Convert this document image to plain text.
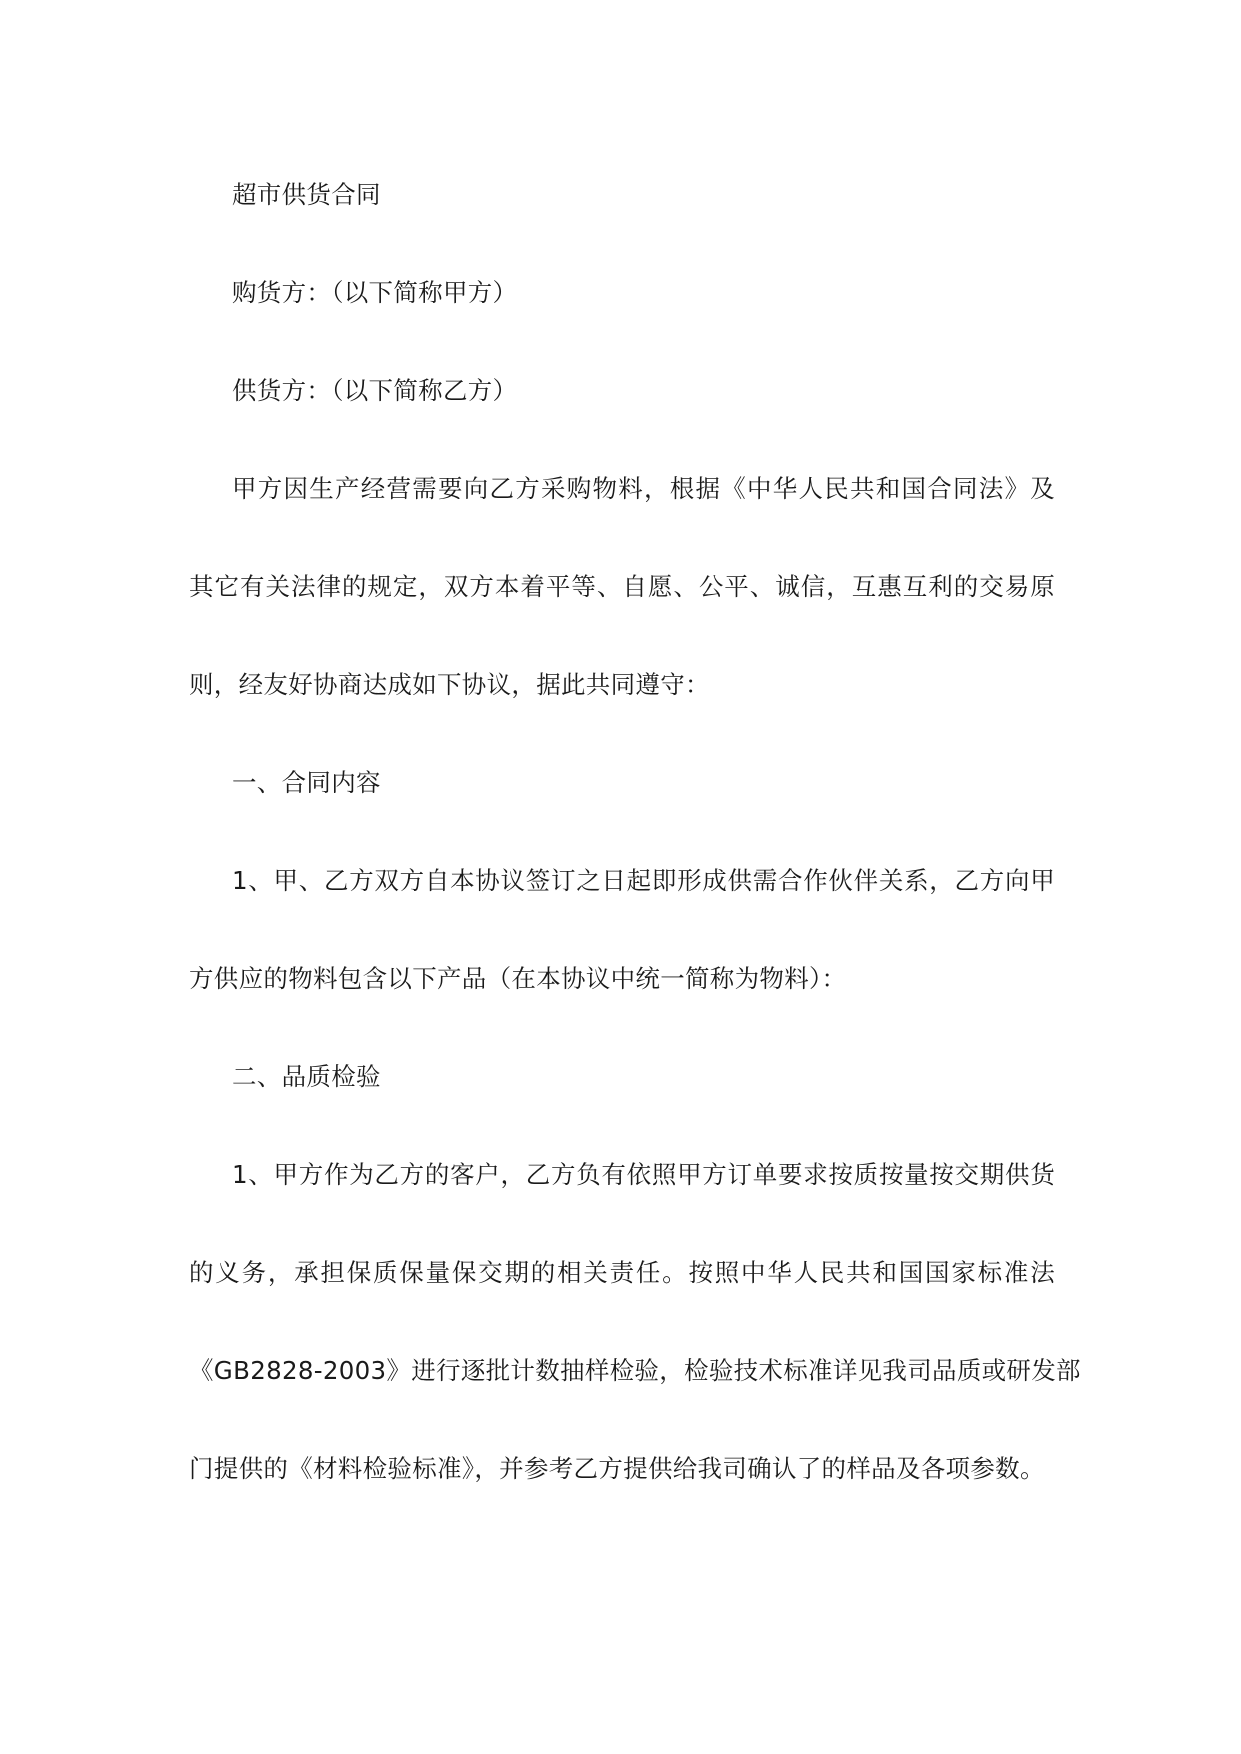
超市供货合同

购货方：（以下简称甲方）

供货方：（以下简称乙方）

甲方因生产经营需要向乙方采购物料，根据《中华人民共和国合同法》及
其它有关法律的规定，双方本着平等、自愿、公平、诚信，互惠互利的交易原
则，经友好协商达成如下协议，据此共同遵守：

一、合同内容

1、甲、乙方双方自本协议签订之日起即形成供需合作伙伴关系，乙方向甲
方供应的物料包含以下产品（在本协议中统一简称为物料）：

二、品质检验

1、甲方作为乙方的客户，乙方负有依照甲方订单要求按质按量按交期供货
的义务，承担保质保量保交期的相关责任。按照中华人民共和国国家标准法
《GB2828-2003》进行逐批计数抽样检验，检验技术标准详见我司品质或研发部
门提供的《材料检验标准》，并参考乙方提供给我司确认了的样品及各项参数。
